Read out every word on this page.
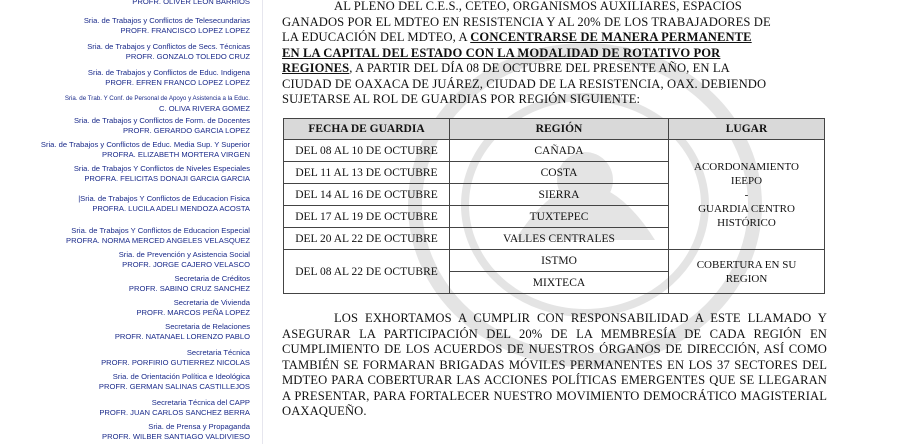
PROFR. OLIVER LEON BARRIOS
Sria. de Trabajos y Conflictos de Telesecundarias
PROFR. FRANCISCO LOPEZ LOPEZ
Sria. de Trabajos y Conflictos de Secs. Técnicas
PROFR. GONZALO TOLEDO CRUZ
Sria. de Trabajos y Conflictos de Educ. Indigena
PROFR. EFREN FRANCO LOPEZ LOPEZ
Sria. de Trab. Y Conf. de Personal de Apoyo y Asistencia a la Educ.
C. OLIVA RIVERA GOMEZ
Sria. de Trabajos y Conflictos de Form. de Docentes
PROFR. GERARDO GARCIA LOPEZ
Sria. de Trabajos y Conflictos de Educ. Media Sup. Y Superior
PROFRA. ELIZABETH MORTERA VIRGEN
Sria. de Trabajos Y Conflictos de Niveles Especiales
PROFRA. FELICITAS DONAJI GARCIA GARCIA
|Sria. de Trabajos Y Conflictos de Educacion Fisica
PROFRA. LUCILA ADELI MENDOZA ACOSTA
Sria. de Trabajos Y Conflictos de Educacion Especial
PROFRA. NORMA MERCED ANGELES VELASQUEZ
Sria. de Prevención y Asistencia Social
PROFR. JORGE CAJERO VELASCO
Secretaria de Créditos
PROFR. SABINO CRUZ SANCHEZ
Secretaria de Vivienda
PROFR. MARCOS PEÑA LOPEZ
Secretaria de Relaciones
PROFR. NATANAEL LORENZO PABLO
Secretaria Técnica
PROFR. PORFIRIO GUTIERREZ NICOLAS
Sria. de Orientación Política e Ideológica
PROFR. GERMAN SALINAS CASTILLEJOS
Secretaria Técnica del CAPP
PROFR. JUAN CARLOS SANCHEZ BERRA
Sria. de Prensa y Propaganda
PROFR. WILBER SANTIAGO VALDIVIESO
AL PLENO DEL C.E.S., CETEO, ORGANISMOS AUXILIARES, ESPACIOS
GANADOS POR EL MDTEO EN RESISTENCIA Y AL 20% DE LOS TRABAJADORES DE
LA EDUCACIÓN DEL MDTEO, A CONCENTRARSE DE MANERA PERMANENTE
EN LA CAPITAL DEL ESTADO CON LA MODALIDAD DE ROTATIVO POR
REGIONES, A PARTIR DEL DÍA 08 DE OCTUBRE DEL PRESENTE AÑO, EN LA
CIUDAD DE OAXACA DE JUÁREZ, CIUDAD DE LA RESISTENCIA, OAX. DEBIENDO
SUJETARSE AL ROL DE GUARDIAS POR REGIÓN SIGUIENTE:
FECHA DE GUARDIA	REGIÓN	LUGAR
DEL 08 AL 10 DE OCTUBRE	CAÑADA	ACORDONAMIENTO
IEEPO
-
GUARDIA CENTRO
HISTÓRICO

DEL 11 AL 13 DE OCTUBRE	COSTA	
DEL 14 AL 16 DE OCTUBRE	SIERRA	
DEL 17 AL 19 DE OCTUBRE	TUXTEPEC	
DEL 20 AL 22 DE OCTUBRE	VALLES CENTRALES	
DEL 08 AL 22 DE OCTUBRE	ISTMO	COBERTURA EN SU
REGION

	MIXTECA	
LOS EXHORTAMOS A CUMPLIR CON RESPONSABILIDAD A ESTE LLAMADO Y ASEGURAR LA PARTICIPACIÓN DEL 20% DE LA MEMBRESÍA DE CADA REGIÓN EN CUMPLIMIENTO DE LOS ACUERDOS DE NUESTROS ÓRGANOS DE DIRECCIÓN, ASÍ COMO TAMBIÉN SE FORMARAN BRIGADAS MÓVILES PERMANENTES EN LOS 37 SECTORES DEL MDTEO PARA COBERTURAR LAS ACCIONES POLÍTICAS EMERGENTES QUE SE LLEGARAN A PRESENTAR, PARA FORTALECER NUESTRO MOVIMIENTO DEMOCRÁTICO MAGISTERIAL OAXAQUEÑO.
